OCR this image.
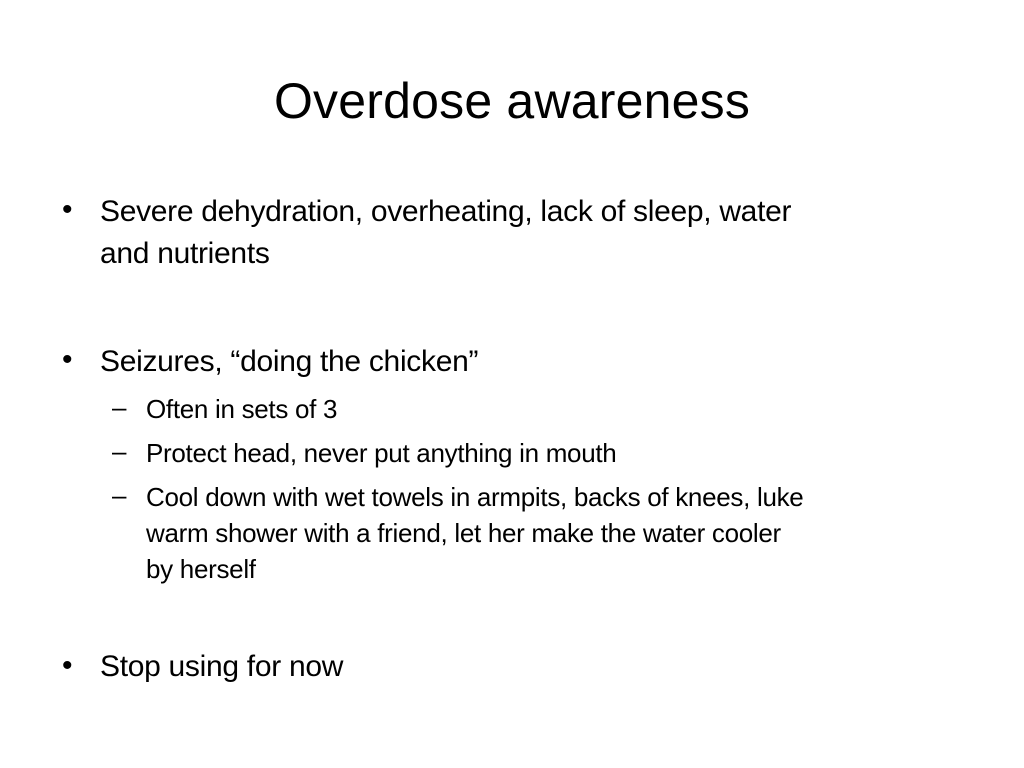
Overdose awareness
• Severe dehydration, overheating, lack of sleep, water
and nutrients
• Seizures, “doing the chicken”
– Often in sets of 3
– Protect head, never put anything in mouth
– Cool down with wet towels in armpits, backs of knees, luke
warm shower with a friend, let her make the water cooler
by herself
• Stop using for now
